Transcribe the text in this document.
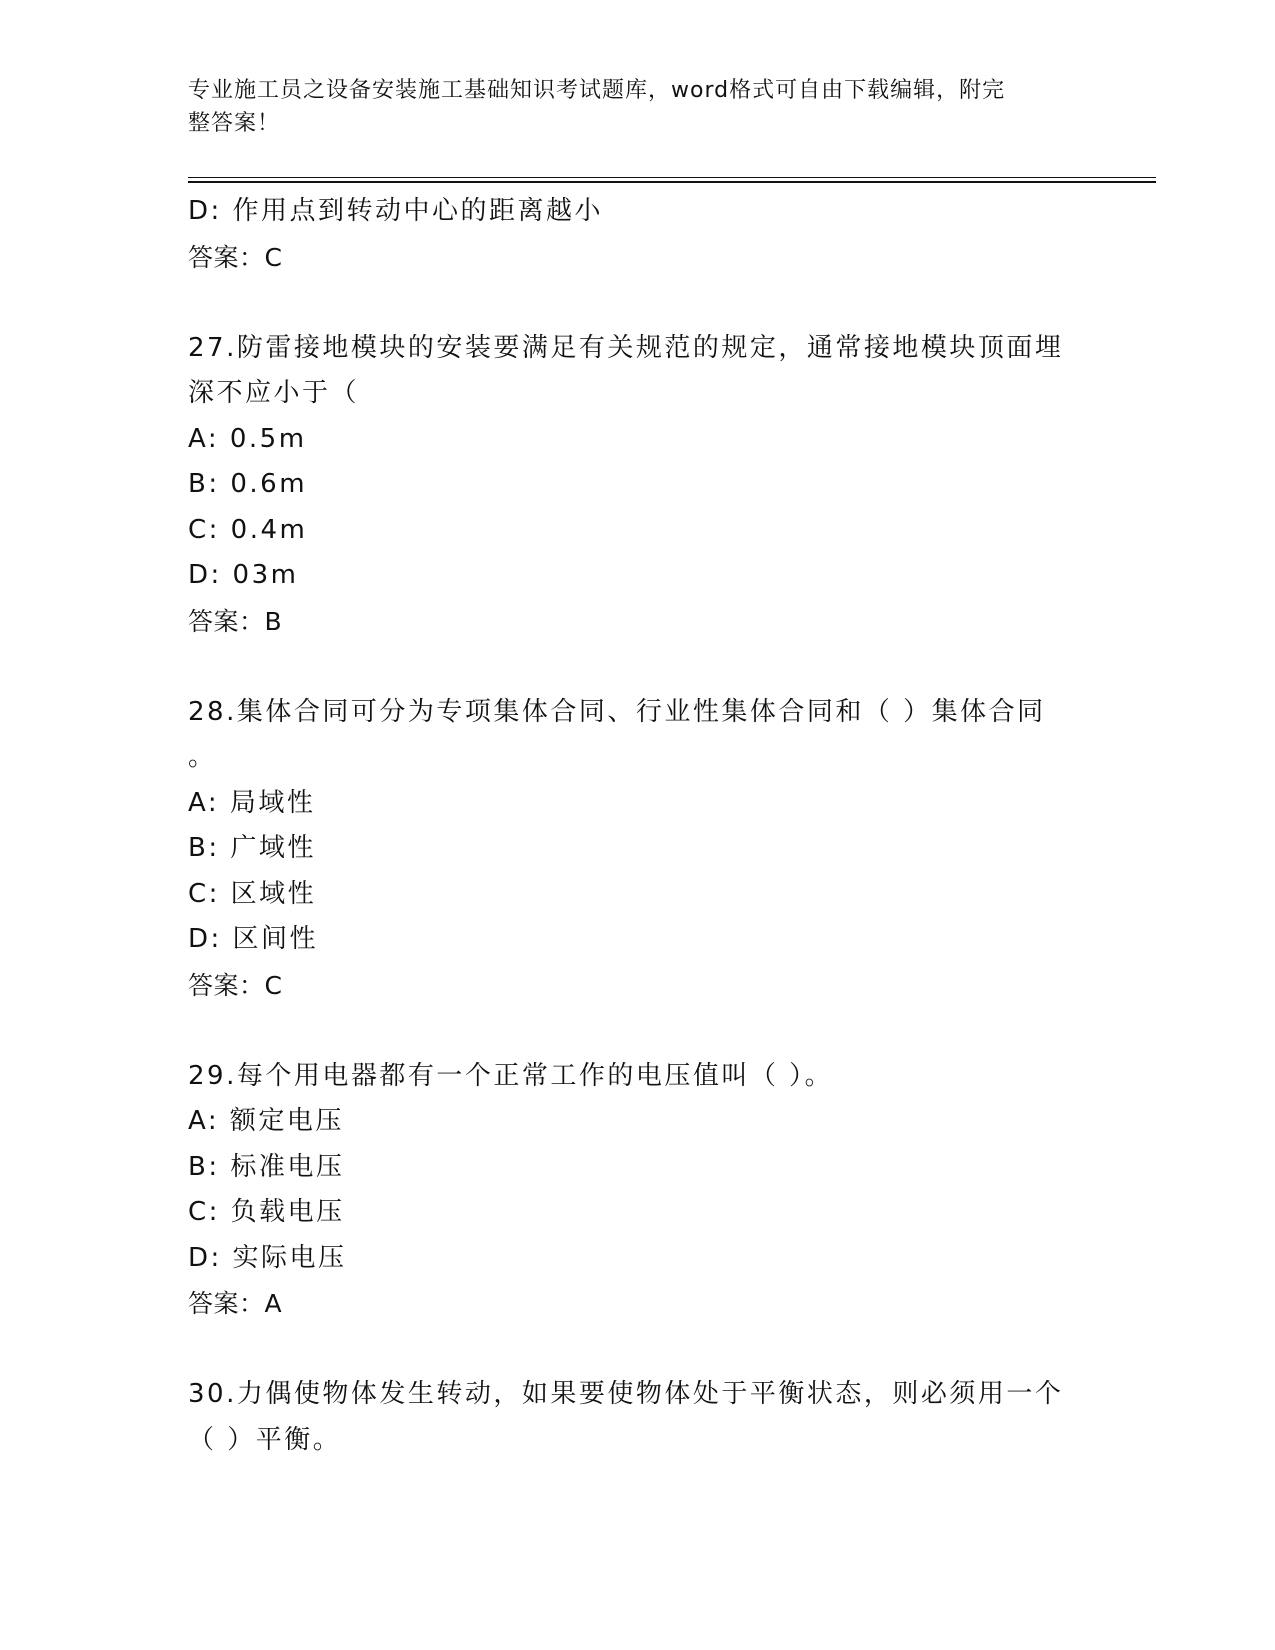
专业施工员之设备安装施工基础知识考试题库，word格式可自由下载编辑，附完
整答案！
D: 作用点到转动中心的距离越小
答案：C
27.防雷接地模块的安装要满足有关规范的规定，通常接地模块顶面埋
深不应小于（
A: 0.5m
B: 0.6m
C: 0.4m
D: 03m
答案：B
28.集体合同可分为专项集体合同、行业性集体合同和（ ）集体合同
。
A: 局域性
B: 广域性
C: 区域性
D: 区间性
答案：C
29.每个用电器都有一个正常工作的电压值叫（ ）。
A: 额定电压
B: 标准电压
C: 负载电压
D: 实际电压
答案：A
30.力偶使物体发生转动，如果要使物体处于平衡状态，则必须用一个
（ ）平衡。
